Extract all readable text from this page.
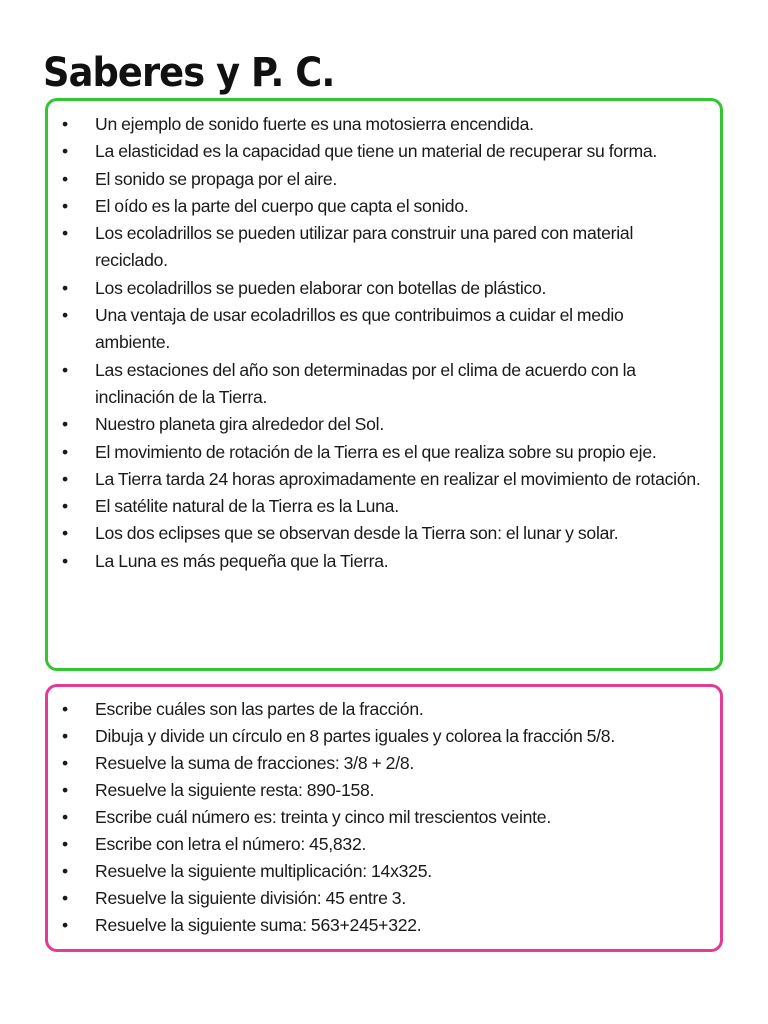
Saberes y P. C.
• Un ejemplo de sonido fuerte es una motosierra encendida.
• La elasticidad es la capacidad que tiene un material de recuperar su forma.
• El sonido se propaga por el aire.
• El oído es la parte del cuerpo que capta el sonido.
• Los ecoladrillos se pueden utilizar para construir una pared con material reciclado.
• Los ecoladrillos se pueden elaborar con botellas de plástico.
• Una ventaja de usar ecoladrillos es que contribuimos a cuidar el medio ambiente.
• Las estaciones del año son determinadas por el clima de acuerdo con la inclinación de la Tierra.
• Nuestro planeta gira alrededor del Sol.
• El movimiento de rotación de la Tierra es el que realiza sobre su propio eje.
• La Tierra tarda 24 horas aproximadamente en realizar el movimiento de rotación.
• El satélite natural de la Tierra es la Luna.
• Los dos eclipses que se observan desde la Tierra son: el lunar y solar.
• La Luna es más pequeña que la Tierra.
• Escribe cuáles son las partes de la fracción.
• Dibuja y divide un círculo en 8 partes iguales y colorea la fracción 5/8.
• Resuelve la suma de fracciones: 3/8 + 2/8.
• Resuelve la siguiente resta: 890-158.
• Escribe cuál número es: treinta y cinco mil trescientos veinte.
• Escribe con letra el número: 45,832.
• Resuelve la siguiente multiplicación: 14x325.
• Resuelve la siguiente división: 45 entre 3.
• Resuelve la siguiente suma: 563+245+322.
